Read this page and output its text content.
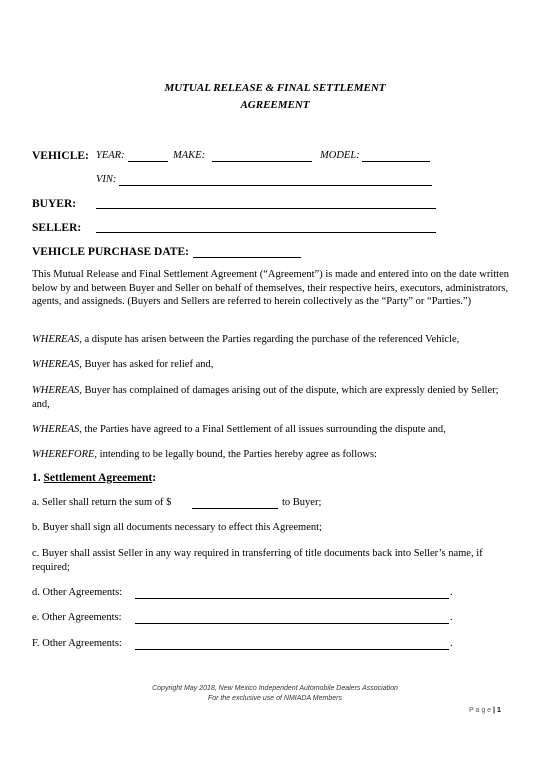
MUTUAL RELEASE & FINAL SETTLEMENT
AGREEMENT
VEHICLE: YEAR:	MAKE:	MODEL:
VIN:
BUYER:
SELLER:
VEHICLE PURCHASE DATE:
This Mutual Release and Final Settlement Agreement (“Agreement”) is made and entered into on the date written below by and between Buyer and Seller on behalf of themselves, their respective heirs, executors, administrators, agents, and assigneds. (Buyers and Sellers are referred to herein collectively as the “Party” or “Parties.”)
WHEREAS, a dispute has arisen between the Parties regarding the purchase of the referenced Vehicle,
WHEREAS, Buyer has asked for relief and,
WHEREAS, Buyer has complained of damages arising out of the dispute, which are expressly denied by Seller; and,
WHEREAS, the Parties have agreed to a Final Settlement of all issues surrounding the dispute and,
WHEREFORE, intending to be legally bound, the Parties hereby agree as follows:
1. Settlement Agreement:
a. Seller shall return the sum of $	to Buyer;
b. Buyer shall sign all documents necessary to effect this Agreement;
c. Buyer shall assist Seller in any way required in transferring of title documents back into Seller’s name, if required;
d. Other Agreements:	.
e. Other Agreements:	.
F. Other Agreements:	.
Copyright May 2018, New Mexico Independent Automobile Dealers Association
For the exclusive use of NMIADA Members
P a g e | 1
